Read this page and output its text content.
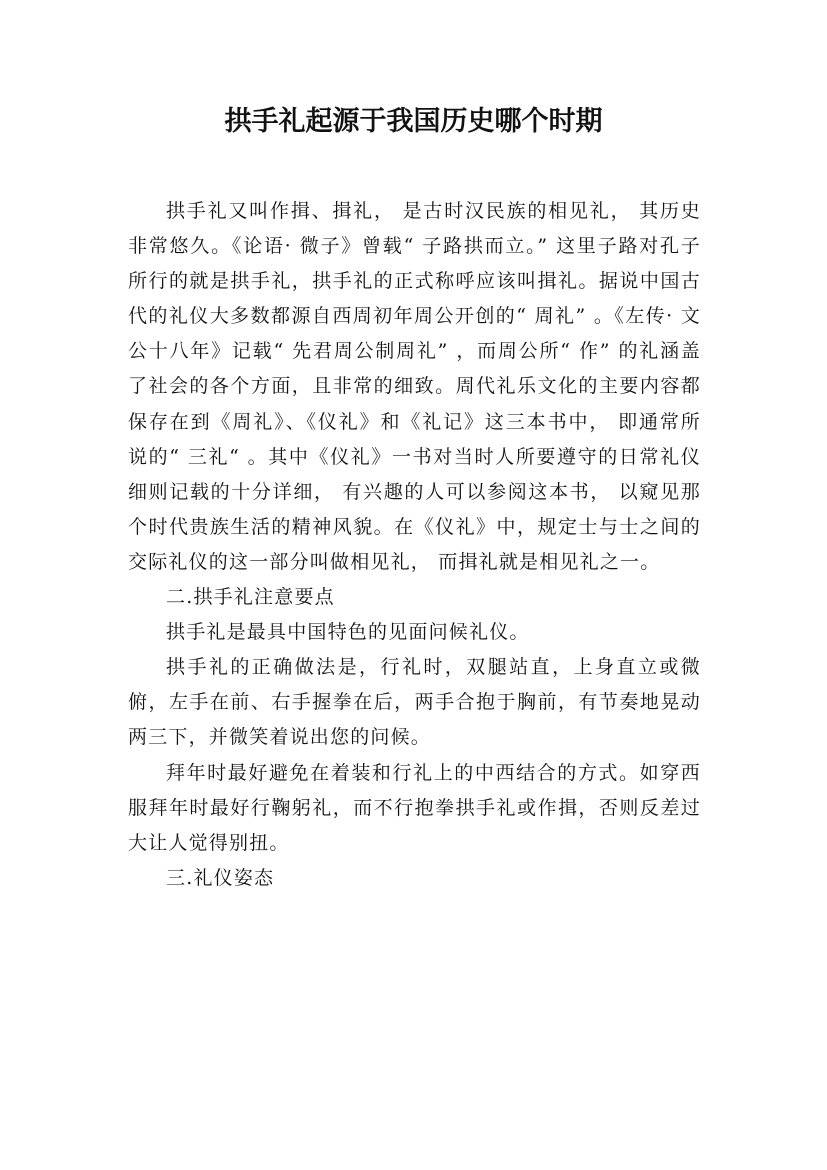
拱手礼起源于我国历史哪个时期

拱手礼又叫作揖、揖礼， 是古时汉民族的相见礼， 其历史非常悠久。《论语· 微子》曾载“ 子路拱而立。” 这里子路对孔子所行的就是拱手礼，拱手礼的正式称呼应该叫揖礼。据说中国古代的礼仪大多数都源自西周初年周公开创的“ 周礼” 。《左传· 文公十八年》记载“ 先君周公制周礼” ，而周公所“ 作” 的礼涵盖了社会的各个方面，且非常的细致。周代礼乐文化的主要内容都保存在到《周礼》、《仪礼》和《礼记》这三本书中， 即通常所说的“ 三礼“ 。其中《仪礼》一书对当时人所要遵守的日常礼仪细则记载的十分详细， 有兴趣的人可以参阅这本书， 以窥见那个时代贵族生活的精神风貌。在《仪礼》中，规定士与士之间的交际礼仪的这一部分叫做相见礼， 而揖礼就是相见礼之一。

二.拱手礼注意要点

拱手礼是最具中国特色的见面问候礼仪。

拱手礼的正确做法是，行礼时，双腿站直，上身直立或微俯，左手在前、右手握拳在后，两手合抱于胸前，有节奏地晃动两三下，并微笑着说出您的问候。

拜年时最好避免在着装和行礼上的中西结合的方式。如穿西服拜年时最好行鞠躬礼，而不行抱拳拱手礼或作揖，否则反差过大让人觉得别扭。

三.礼仪姿态
